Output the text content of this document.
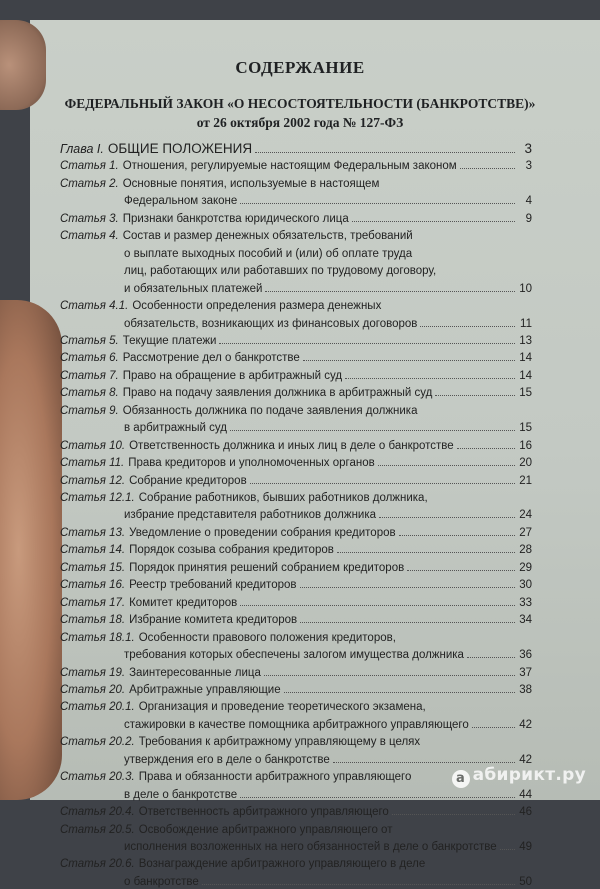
СОДЕРЖАНИЕ
ФЕДЕРАЛЬНЫЙ ЗАКОН «О НЕСОСТОЯТЕЛЬНОСТИ (БАНКРОТСТВЕ)»
от 26 октября 2002 года № 127-ФЗ
Глава I. ОБЩИЕ ПОЛОЖЕНИЯ	3
Статья 1. Отношения, регулируемые настоящим Федеральным законом	3
Статья 2. Основные понятия, используемые в настоящем
Федеральном законе	4
Статья 3. Признаки банкротства юридического лица	9
Статья 4. Состав и размер денежных обязательств, требований
о выплате выходных пособий и (или) об оплате труда
лиц, работающих или работавших по трудовому договору,
и обязательных платежей	10
Статья 4.1. Особенности определения размера денежных
обязательств, возникающих из финансовых договоров	11
Статья 5. Текущие платежи	13
Статья 6. Рассмотрение дел о банкротстве	14
Статья 7. Право на обращение в арбитражный суд	14
Статья 8. Право на подачу заявления должника в арбитражный суд	15
Статья 9. Обязанность должника по подаче заявления должника
в арбитражный суд	15
Статья 10. Ответственность должника и иных лиц в деле о банкротстве	16
Статья 11. Права кредиторов и уполномоченных органов	20
Статья 12. Собрание кредиторов	21
Статья 12.1. Собрание работников, бывших работников должника,
избрание представителя работников должника	24
Статья 13. Уведомление о проведении собрания кредиторов	27
Статья 14. Порядок созыва собрания кредиторов	28
Статья 15. Порядок принятия решений собранием кредиторов	29
Статья 16. Реестр требований кредиторов	30
Статья 17. Комитет кредиторов	33
Статья 18. Избрание комитета кредиторов	34
Статья 18.1. Особенности правового положения кредиторов,
требования которых обеспечены залогом имущества должника	36
Статья 19. Заинтересованные лица	37
Статья 20. Арбитражные управляющие	38
Статья 20.1. Организация и проведение теоретического экзамена,
стажировки в качестве помощника арбитражного управляющего	42
Статья 20.2. Требования к арбитражному управляющему в целях
утверждения его в деле о банкротстве	42
Статья 20.3. Права и обязанности арбитражного управляющего
в деле о банкротстве	44
Статья 20.4. Ответственность арбитражного управляющего	46
Статья 20.5. Освобождение арбитражного управляющего от
исполнения возложенных на него обязанностей в деле о банкротстве 49
Статья 20.6. Вознаграждение арбитражного управляющего в деле
о банкротстве	50
а абирикт.ру
